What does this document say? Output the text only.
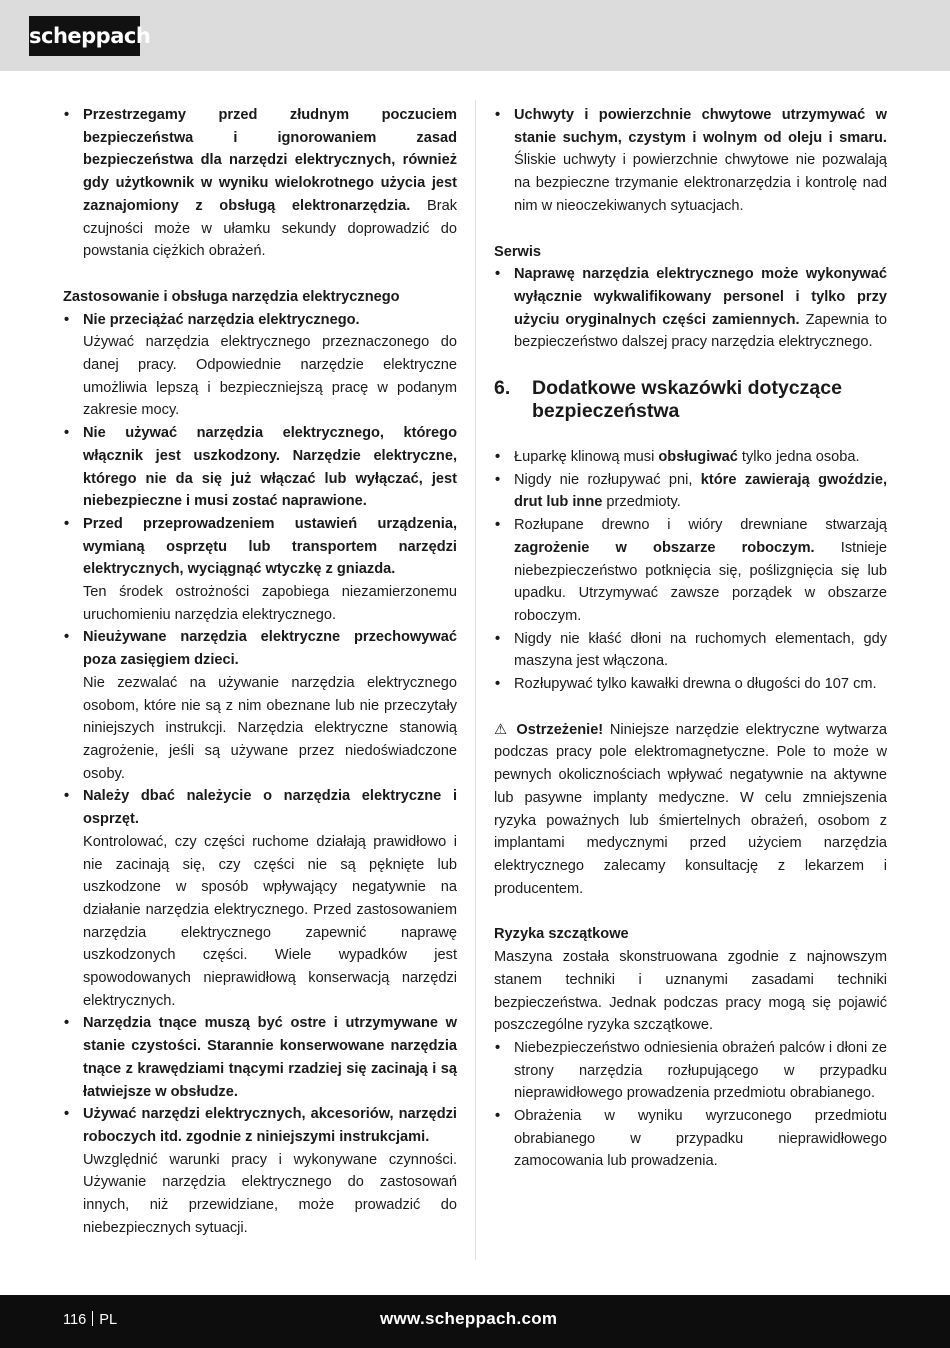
scheppach
• Przestrzegamy przed złudnym poczuciem bezpieczeństwa i ignorowaniem zasad bezpieczeństwa dla narzędzi elektrycznych, również gdy użytkownik w wyniku wielokrotnego użycia jest zaznajomiony z obsługą elektronarzędzia. Brak czujności może w ułamku sekundy doprowadzić do powstania ciężkich obrażeń.

Zastosowanie i obsługa narzędzia elektrycznego

• Nie przeciążać narzędzia elektrycznego.
Używać narzędzia elektrycznego przeznaczonego do danej pracy. Odpowiednie narzędzie elektryczne umożliwia lepszą i bezpieczniejszą pracę w podanym zakresie mocy.
• Nie używać narzędzia elektrycznego, którego włącznik jest uszkodzony. Narzędzie elektryczne, którego nie da się już włączać lub wyłączać, jest niebezpieczne i musi zostać naprawione.
• Przed przeprowadzeniem ustawień urządzenia, wymianą osprzętu lub transportem narzędzi elektrycznych, wyciągnąć wtyczkę z gniazda.
Ten środek ostrożności zapobiega niezamierzonemu uruchomieniu narzędzia elektrycznego.
• Nieużywane narzędzia elektryczne przechowywać poza zasięgiem dzieci.
Nie zezwalać na używanie narzędzia elektrycznego osobom, które nie są z nim obeznane lub nie przeczytały niniejszych instrukcji. Narzędzia elektryczne stanowią zagrożenie, jeśli są używane przez niedoświadczone osoby.
• Należy dbać należycie o narzędzia elektryczne i osprzęt.
Kontrolować, czy części ruchome działają prawidłowo i nie zacinają się, czy części nie są pęknięte lub uszkodzone w sposób wpływający negatywnie na działanie narzędzia elektrycznego. Przed zastosowaniem narzędzia elektrycznego zapewnić naprawę uszkodzonych części. Wiele wypadków jest spowodowanych nieprawidłową konserwacją narzędzi elektrycznych.
• Narzędzia tnące muszą być ostre i utrzymywane w stanie czystości. Starannie konserwowane narzędzia tnące z krawędziami tnącymi rzadziej się zacinają i są łatwiejsze w obsłudze.
• Używać narzędzi elektrycznych, akcesoriów, narzędzi roboczych itd. zgodnie z niniejszymi instrukcjami.
Uwzględnić warunki pracy i wykonywane czynności. Używanie narzędzia elektrycznego do zastosowań innych, niż przewidziane, może prowadzić do niebezpiecznych sytuacji.
• Uchwyty i powierzchnie chwytowe utrzymywać w stanie suchym, czystym i wolnym od oleju i smaru. Śliskie uchwyty i powierzchnie chwytowe nie pozwalają na bezpieczne trzymanie elektronarzędzia i kontrolę nad nim w nieoczekiwanych sytuacjach.

Serwis

• Naprawę narzędzia elektrycznego może wykonywać wyłącznie wykwalifikowany personel i tylko przy użyciu oryginalnych części zamiennych. Zapewnia to bezpieczeństwo dalszej pracy narzędzia elektrycznego.
6.	Dodatkowe wskazówki dotyczące bezpieczeństwa
• Łuparkę klinową musi obsługiwać tylko jedna osoba.
• Nigdy nie rozłupywać pni, które zawierają gwoździe, drut lub inne przedmioty.
• Rozłupane drewno i wióry drewniane stwarzają zagrożenie w obszarze roboczym. Istnieje niebezpieczeństwo potknięcia się, poślizgnięcia się lub upadku. Utrzymywać zawsze porządek w obszarze roboczym.
• Nigdy nie kłaść dłoni na ruchomych elementach, gdy maszyna jest włączona.
• Rozłupywać tylko kawałki drewna o długości do 107 cm.

⚠ Ostrzeżenie! Niniejsze narzędzie elektryczne wytwarza podczas pracy pole elektromagnetyczne. Pole to może w pewnych okolicznościach wpływać negatywnie na aktywne lub pasywne implanty medyczne. W celu zmniejszenia ryzyka poważnych lub śmiertelnych obrażeń, osobom z implantami medycznymi przed użyciem narzędzia elektrycznego zalecamy konsultację z lekarzem i producentem.

Ryzyka szczątkowe

Maszyna została skonstruowana zgodnie z najnowszym stanem techniki i uznanymi zasadami techniki bezpieczeństwa. Jednak podczas pracy mogą się pojawić poszczególne ryzyka szczątkowe.

• Niebezpieczeństwo odniesienia obrażeń palców i dłoni ze strony narzędzia rozłupującego w przypadku nieprawidłowego prowadzenia przedmiotu obrabianego.
• Obrażenia w wyniku wyrzuconego przedmiotu obrabianego w przypadku nieprawidłowego zamocowania lub prowadzenia.
116 PL	www.scheppach.com
